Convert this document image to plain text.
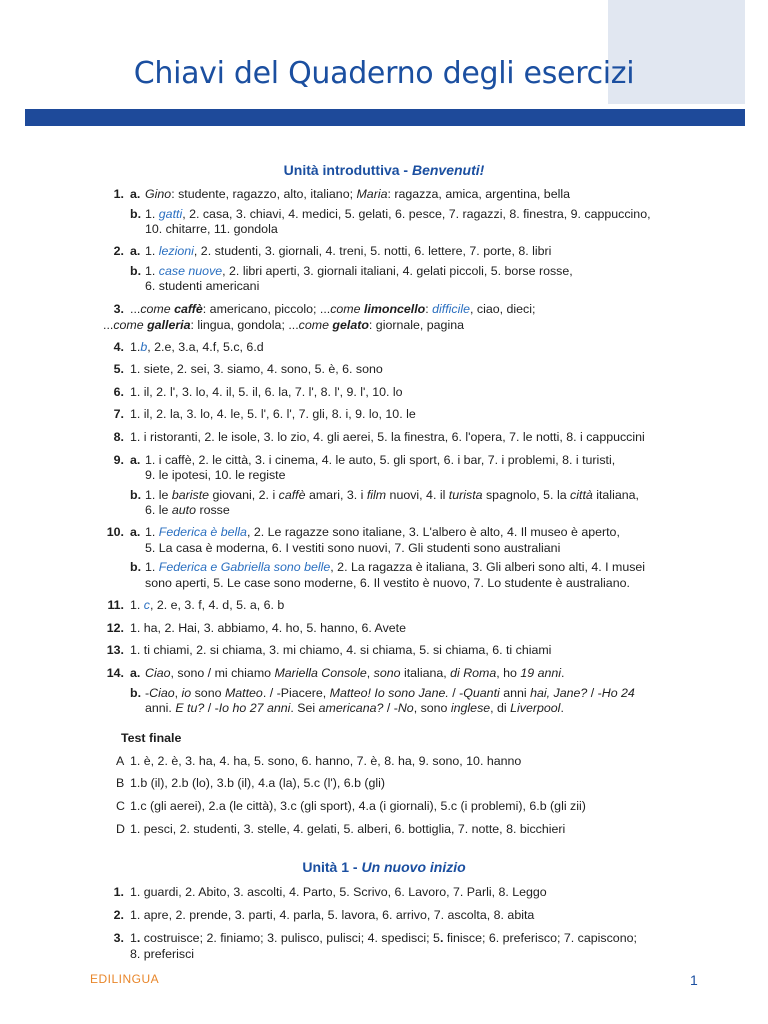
Chiavi del Quaderno degli esercizi
Unità introduttiva - Benvenuti!
1. a. Gino: studente, ragazzo, alto, italiano; Maria: ragazza, amica, argentina, bella
b. 1. gatti, 2. casa, 3. chiavi, 4. medici, 5. gelati, 6. pesce, 7. ragazzi, 8. finestra, 9. cappuccino,
10. chitarre, 11. gondola
2. a. 1. lezioni, 2. studenti, 3. giornali, 4. treni, 5. notti, 6. lettere, 7. porte, 8. libri
b. 1. case nuove, 2. libri aperti, 3. giornali italiani, 4. gelati piccoli, 5. borse rosse,
6. studenti americani
3. ...come caffè: americano, piccolo; ...come limoncello: difficile, ciao, dieci;
...come galleria: lingua, gondola; ...come gelato: giornale, pagina
4. 1.b, 2.e, 3.a, 4.f, 5.c, 6.d
5. 1. siete, 2. sei, 3. siamo, 4. sono, 5. è, 6. sono
6. 1. il, 2. l', 3. lo, 4. il, 5. il, 6. la, 7. l', 8. l', 9. l', 10. lo
7. 1. il, 2. la, 3. lo, 4. le, 5. l', 6. l', 7. gli, 8. i, 9. lo, 10. le
8. 1. i ristoranti, 2. le isole, 3. lo zio, 4. gli aerei, 5. la finestra, 6. l'opera, 7. le notti, 8. i cappuccini
9. a. 1. i caffè, 2. le città, 3. i cinema, 4. le auto, 5. gli sport, 6. i bar, 7. i problemi, 8. i turisti,
9. le ipotesi, 10. le registe
b. 1. le bariste giovani, 2. i caffè amari, 3. i film nuovi, 4. il turista spagnolo, 5. la città italiana,
6. le auto rosse
10. a. 1. Federica è bella, 2. Le ragazze sono italiane, 3. L'albero è alto, 4. Il museo è aperto,
5. La casa è moderna, 6. I vestiti sono nuovi, 7. Gli studenti sono australiani
b. 1. Federica e Gabriella sono belle, 2. La ragazza è italiana, 3. Gli alberi sono alti, 4. I musei
sono aperti, 5. Le case sono moderne, 6. Il vestito è nuovo, 7. Lo studente è australiano.
11. 1. c, 2. e, 3. f, 4. d, 5. a, 6. b
12. 1. ha, 2. Hai, 3. abbiamo, 4. ho, 5. hanno, 6. Avete
13. 1. ti chiami, 2. si chiama, 3. mi chiamo, 4. si chiama, 5. si chiama, 6. ti chiami
14. a. Ciao, sono / mi chiamo Mariella Console, sono italiana, di Roma, ho 19 anni.
b. -Ciao, io sono Matteo. / -Piacere, Matteo! Io sono Jane. / -Quanti anni hai, Jane? / -Ho 24
anni. E tu? / -Io ho 27 anni. Sei americana? / -No, sono inglese, di Liverpool.
Test finale
A 1. è, 2. è, 3. ha, 4. ha, 5. sono, 6. hanno, 7. è, 8. ha, 9. sono, 10. hanno
B 1.b (il), 2.b (lo), 3.b (il), 4.a (la), 5.c (l'), 6.b (gli)
C 1.c (gli aerei), 2.a (le città), 3.c (gli sport), 4.a (i giornali), 5.c (i problemi), 6.b (gli zii)
D 1. pesci, 2. studenti, 3. stelle, 4. gelati, 5. alberi, 6. bottiglia, 7. notte, 8. bicchieri
Unità 1 - Un nuovo inizio
1. 1. guardi, 2. Abito, 3. ascolti, 4. Parto, 5. Scrivo, 6. Lavoro, 7. Parli, 8. Leggo
2. 1. apre, 2. prende, 3. parti, 4. parla, 5. lavora, 6. arrivo, 7. ascolta, 8. abita
3. 1. costruisce; 2. finiamo; 3. pulisco, pulisci; 4. spedisci; 5. finisce; 6. preferisco; 7. capiscono;
8. preferisci
EDILINGUA	1
